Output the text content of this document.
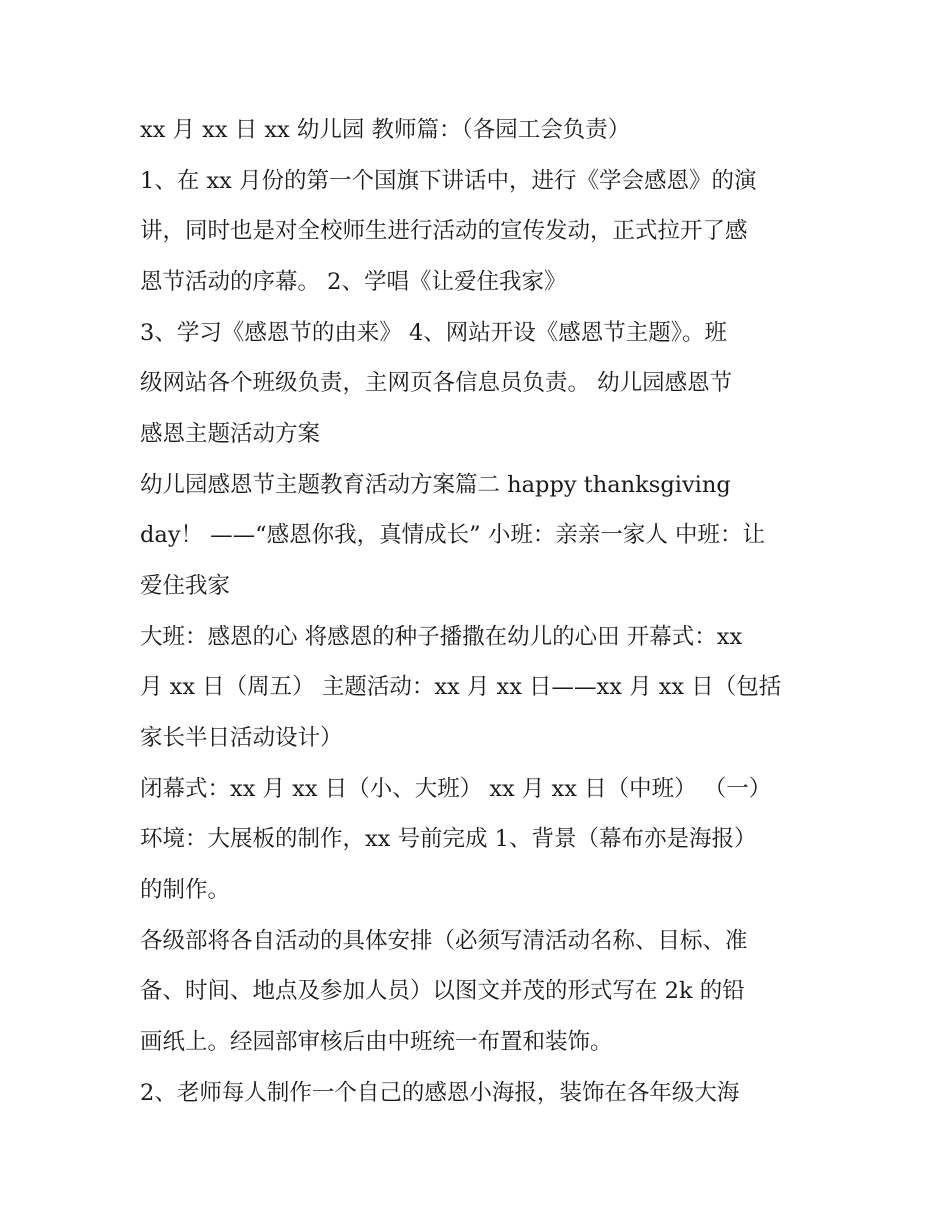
xx 月 xx 日 xx 幼儿园 教师篇：（各园工会负责）
1、在 xx 月份的第一个国旗下讲话中，进行《学会感恩》的演
讲，同时也是对全校师生进行活动的宣传发动，正式拉开了感
恩节活动的序幕。 2、学唱《让爱住我家》
3、学习《感恩节的由来》 4、网站开设《感恩节主题》。班
级网站各个班级负责，主网页各信息员负责。 幼儿园感恩节
感恩主题活动方案
幼儿园感恩节主题教育活动方案篇二 happy thanksgiving
day！ ——“感恩你我，真情成长” 小班：亲亲一家人 中班：让
爱住我家
大班：感恩的心 将感恩的种子播撒在幼儿的心田 开幕式：xx
月 xx 日（周五） 主题活动：xx 月 xx 日——xx 月 xx 日（包括
家长半日活动设计）
闭幕式：xx 月 xx 日（小、大班） xx 月 xx 日（中班） （一）
环境：大展板的制作，xx 号前完成 1、背景（幕布亦是海报）
的制作。
各级部将各自活动的具体安排（必须写清活动名称、目标、准
备、时间、地点及参加人员）以图文并茂的形式写在 2k 的铅
画纸上。经园部审核后由中班统一布置和装饰。
2、老师每人制作一个自己的感恩小海报，装饰在各年级大海
